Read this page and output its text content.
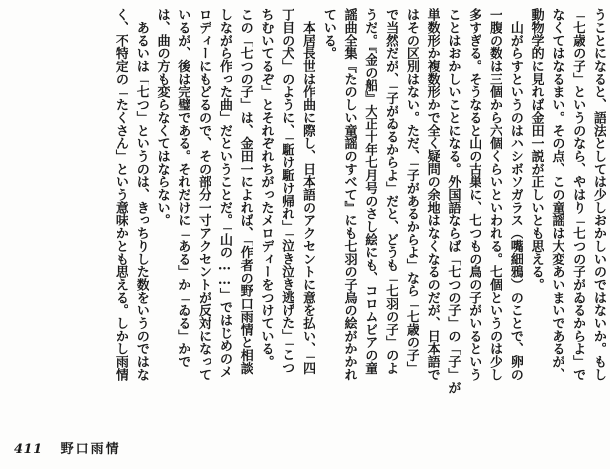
うことになると、語法としては少しおかしいのではないか。もし
「七歳の子」というのなら、やはり「七つの子がゐるからよ」で
なくてはなるまい。その点、この童謡は大変あいまいであるが、
動物学的に見れば金田一説が正しいとも思える。
　山がらすというのはハシボソガラス（嘴細鴉）のことで、卵の
一腹の数は三個から六個くらいといわれる。七個というのは少し
多すぎる。そうなると山の古巣に、七つもの鳥の子がいるという
ことはおかしいことになる。外国語ならば「七つの子」の「子」が
単数形か複数形かで全く疑問の余地はなくなるのだが、日本語で
はその区別はない。ただ、「子があるからよ」なら「七歳の子」
で当然だが、「子がゐるからよ」だと、どうも「七羽の子」のよ
うだ。『金の船』大正十年七月号のさし絵にも、コロムビアの童
謡曲全集『たのしい童謡のすべて』にも七羽の子烏の絵がかかれ
ている。
　本居長世は作曲に際し、日本語のアクセントに意を払い、「四
丁目の犬」のように、「駈け駈け帰れ」「泣き泣き逃げた」「こつ
ちむいてるぞ」とそれぞれちがったメロディーをつけている。
この「七つの子」は、金田一によれば、「作者の野口雨情と相談
しながら作った曲」だということだ。「山の……」ではじめのメ
ロディーにもどるので、その部分一寸アクセントが反対になって
いるが、後は完璧である。それだけに「ある」か「ゐる」かで
は、曲の方も変らなくてはならない。
　あるいは「七つ」というのは、きっちりした数をいうのではな
く、不特定の「たくさん」という意味かとも思える。しかし雨情
411 野口雨情
